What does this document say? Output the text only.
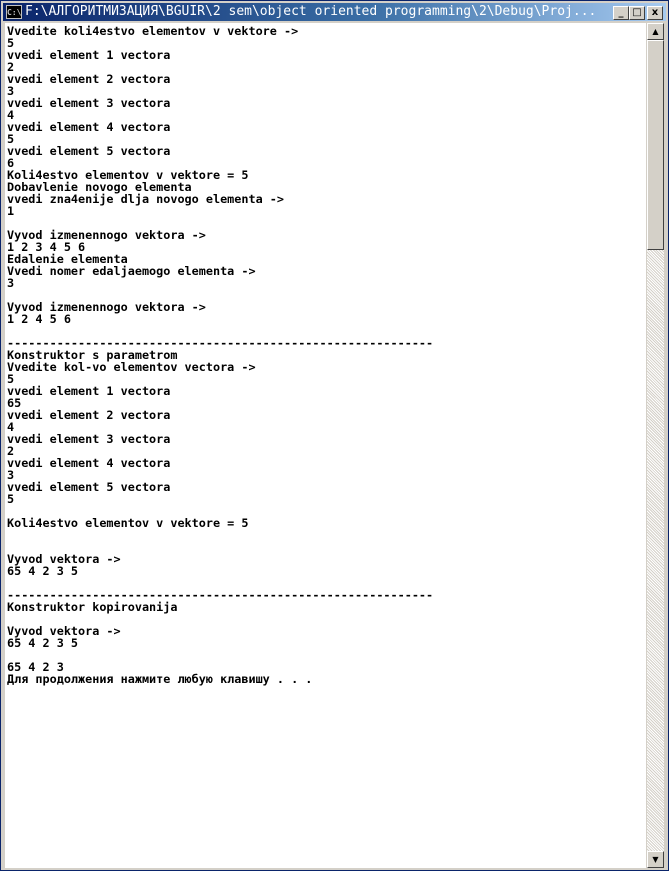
C:\ F:\АЛГОРИТМИЗАЦИЯ\BGUIR\2 sem\object oriented programming\2\Debug\Proj...	_ □	x
Vvedite koli4estvo elementov v vektore ->
5
vvedi element 1 vectora
2
vvedi element 2 vectora
3
vvedi element 3 vectora
4
vvedi element 4 vectora
5
vvedi element 5 vectora
6
Koli4estvo elementov v vektore = 5
Dobavlenie novogo elementa
vvedi zna4enije dlja novogo elementa ->
1

Vyvod izmenennogo vektora ->
1 2 3 4 5 6
Edalenie elementa
Vvedi nomer edaljaemogo elementa ->
3

Vyvod izmenennogo vektora ->
1 2 4 5 6

------------------------------------------------------------
Konstruktor s parametrom
Vvedite kol-vo elementov vectora ->
5
vvedi element 1 vectora
65
vvedi element 2 vectora
4
vvedi element 3 vectora
2
vvedi element 4 vectora
3
vvedi element 5 vectora
5

Koli4estvo elementov v vektore = 5

Vyvod vektora ->
65 4 2 3 5

------------------------------------------------------------
Konstruktor kopirovanija

Vyvod vektora ->
65 4 2 3 5

65 4 2 3
Для продолжения нажмите любую клавишу . . .
▲
▼
